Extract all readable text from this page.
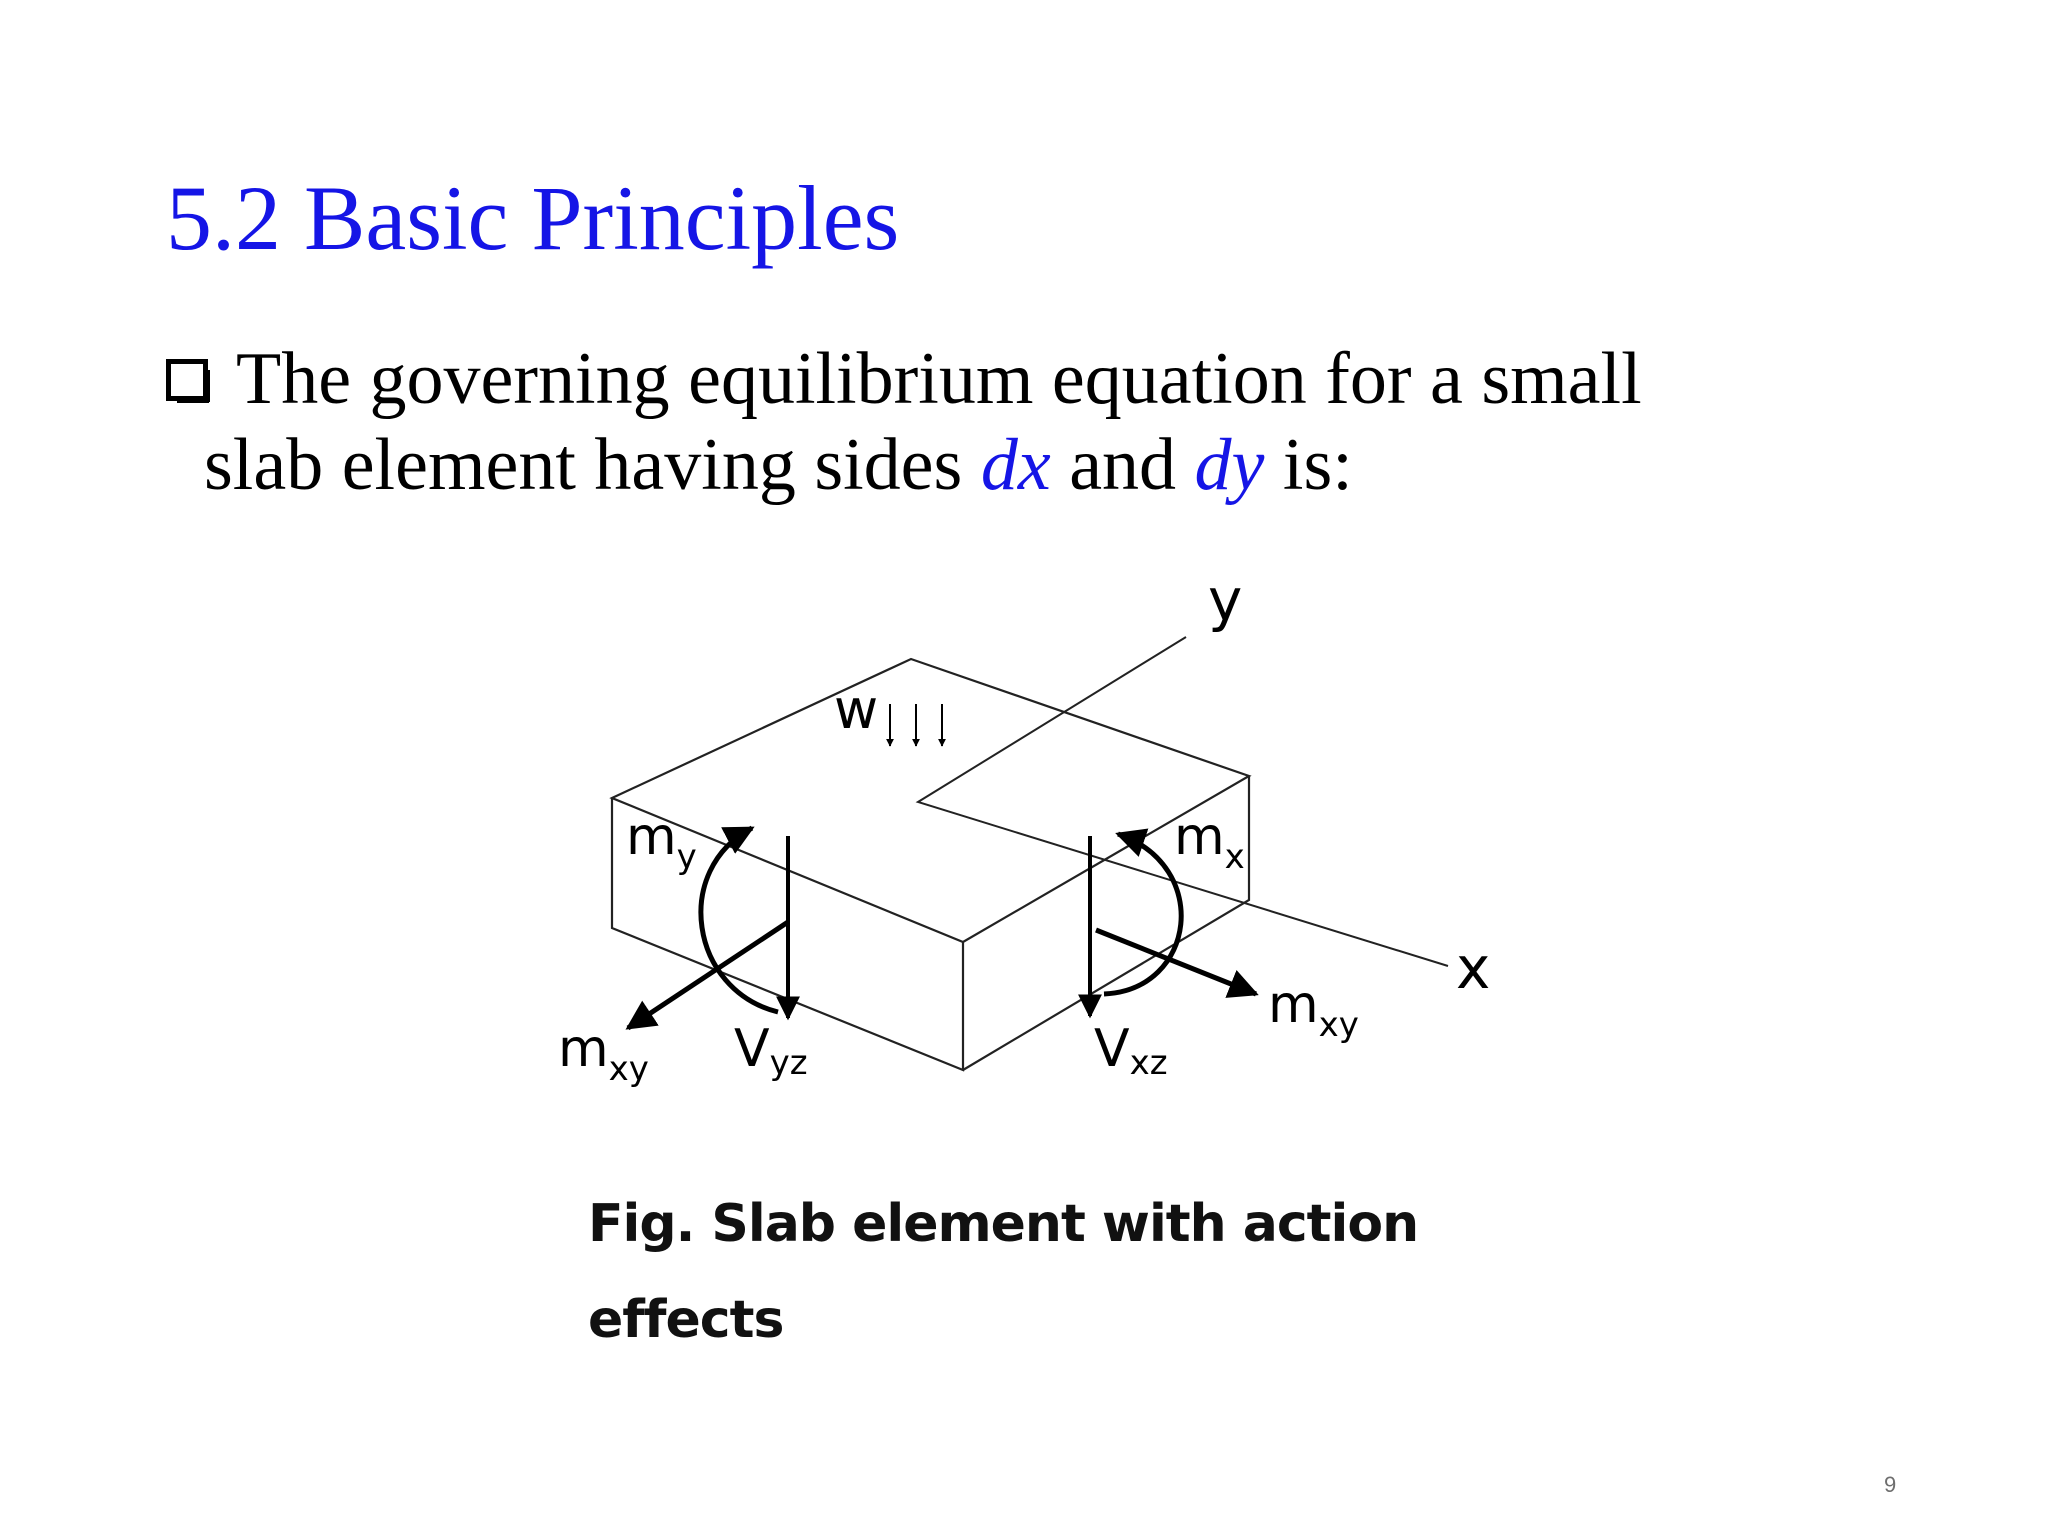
5.2 Basic Principles
The governing equilibrium equation for a small
slab element having sides dx and dy is:
y
x
w
$m_y$	$m_x$
$m_{xy}$
$m_{xy}$
Vyz	Vxz
Fig. Slab element with action
effects
9
